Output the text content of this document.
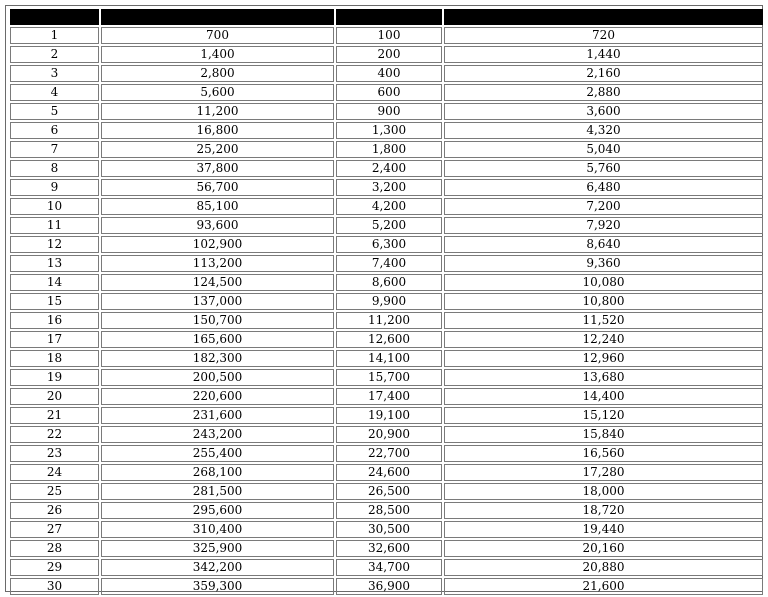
1	700	100	720
2	1,400	200	1,440
3	2,800	400	2,160
4	5,600	600	2,880
5	11,200	900	3,600
6	16,800	1,300	4,320
7	25,200	1,800	5,040
8	37,800	2,400	5,760
9	56,700	3,200	6,480
10	85,100	4,200	7,200
11	93,600	5,200	7,920
12	102,900	6,300	8,640
13	113,200	7,400	9,360
14	124,500	8,600	10,080
15	137,000	9,900	10,800
16	150,700	11,200	11,520
17	165,600	12,600	12,240
18	182,300	14,100	12,960
19	200,500	15,700	13,680
20	220,600	17,400	14,400
21	231,600	19,100	15,120
22	243,200	20,900	15,840
23	255,400	22,700	16,560
24	268,100	24,600	17,280
25	281,500	26,500	18,000
26	295,600	28,500	18,720
27	310,400	30,500	19,440
28	325,900	32,600	20,160
29	342,200	34,700	20,880
30	359,300	36,900	21,600
